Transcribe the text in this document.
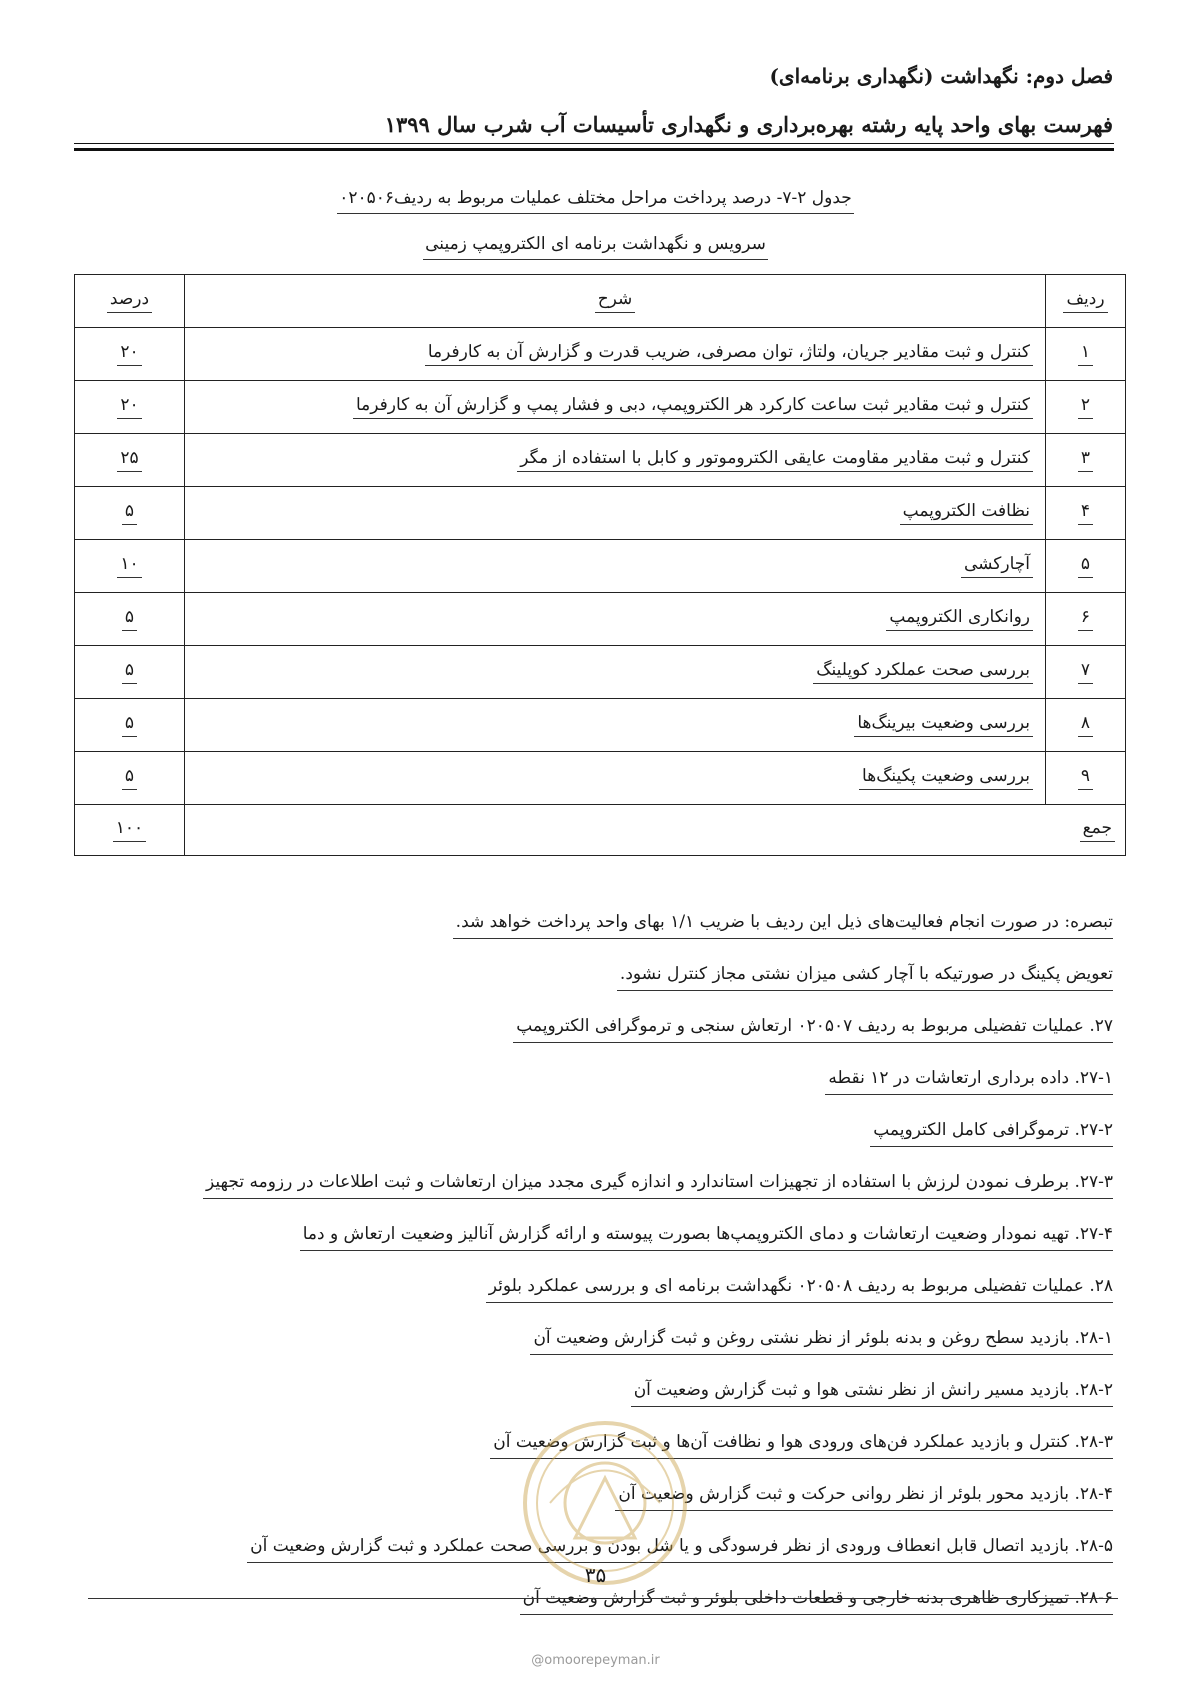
فصل دوم: نگهداشت (نگهداری برنامه‌ای)
فهرست بهای واحد پایه رشته بهره‌برداری و نگهداری تأسیسات آب شرب سال ۱۳۹۹
جدول ۲-۷- درصد پرداخت مراحل مختلف عملیات مربوط به ردیف۰۲۰۵۰۶
سرویس و نگهداشت برنامه ای الکتروپمپ زمینی
ردیف	شرح	درصد
۱	کنترل و ثبت مقادیر جریان، ولتاژ، توان مصرفی، ضریب قدرت و گزارش آن به کارفرما	۲۰
۲	کنترل و ثبت مقادیر ثبت ساعت کارکرد هر الکتروپمپ، دبی و فشار پمپ و گزارش آن به کارفرما	۲۰
۳	کنترل و ثبت مقادیر مقاومت عایقی الکتروموتور و کابل با استفاده از مگر	۲۵
۴	نظافت الکتروپمپ	۵
۵	آچارکشی	۱۰
۶	روانکاری الکتروپمپ	۵
۷	بررسی صحت عملکرد کوپلینگ	۵
۸	بررسی وضعیت بیرینگ‌ها	۵
۹	بررسی وضعیت پکینگ‌ها	۵
جمع		۱۰۰
تبصره: در صورت انجام فعالیت‌های ذیل این ردیف با ضریب ۱/۱ بهای واحد پرداخت خواهد شد.
تعویض پکینگ در صورتیکه با آچار کشی میزان نشتی مجاز کنترل نشود.
۲۷. عملیات تفضیلی مربوط به ردیف ۰۲۰۵۰۷ ارتعاش سنجی و ترموگرافی الکتروپمپ
۲۷-۱. داده برداری ارتعاشات در ۱۲ نقطه
۲۷-۲. ترموگرافی کامل الکتروپمپ
۲۷-۳. برطرف نمودن لرزش با استفاده از تجهیزات استاندارد و اندازه گیری مجدد میزان ارتعاشات و ثبت اطلاعات در رزومه تجهیز
۲۷-۴. تهیه نمودار وضعیت ارتعاشات و دمای الکتروپمپ‌ها بصورت پیوسته و ارائه گزارش آنالیز وضعیت ارتعاش و دما
۲۸. عملیات تفضیلی مربوط به ردیف ۰۲۰۵۰۸ نگهداشت برنامه ای و بررسی عملکرد بلوئر
۲۸-۱. بازدید سطح روغن و بدنه بلوئر از نظر نشتی روغن و ثبت گزارش وضعیت آن
۲۸-۲. بازدید مسیر رانش از نظر نشتی هوا و ثبت گزارش وضعیت آن
۲۸-۳. کنترل و بازدید عملکرد فن‌های ورودی هوا و نظافت آن‌ها و ثبت گزارش وضعیت آن
۲۸-۴. بازدید محور بلوئر از نظر روانی حرکت و ثبت گزارش وضعیت آن
۲۸-۵. بازدید اتصال قابل انعطاف ورودی از نظر فرسودگی و یا شل بودن و بررسی صحت عملکرد و ثبت گزارش وضعیت آن
۲۸-۶. تمیزکاری ظاهری بدنه خارجی و قطعات داخلی بلوئر و ثبت گزارش وضعیت آن
۳۵
@omoorepeyman.ir
